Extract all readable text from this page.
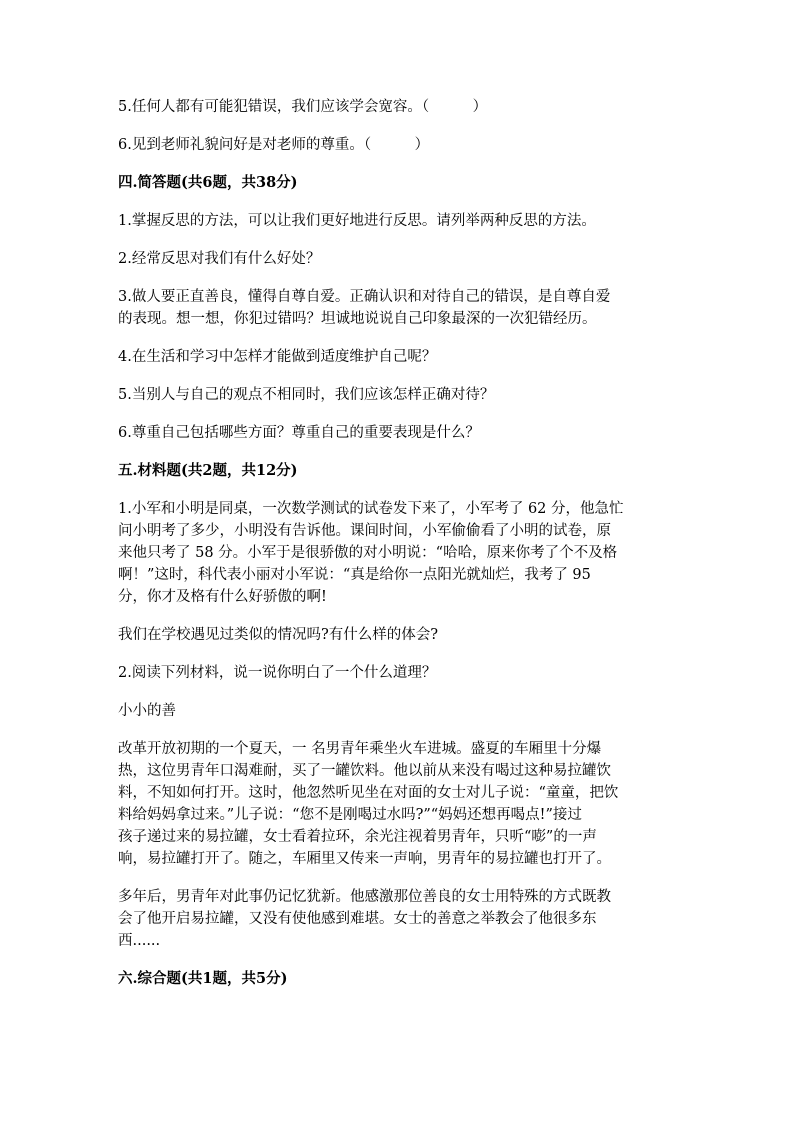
5.任何人都有可能犯错误，我们应该学会宽容。（　　　）

6.见到老师礼貌问好是对老师的尊重。（　　　）

四.简答题(共6题，共38分)

1.掌握反思的方法，可以让我们更好地进行反思。请列举两种反思的方法。

2.经常反思对我们有什么好处？

3.做人要正直善良，懂得自尊自爱。正确认识和对待自己的错误，是自尊自爱
的表现。想一想，你犯过错吗？坦诚地说说自己印象最深的一次犯错经历。

4.在生活和学习中怎样才能做到适度维护自己呢？

5.当别人与自己的观点不相同时，我们应该怎样正确对待？

6.尊重自己包括哪些方面？尊重自己的重要表现是什么？

五.材料题(共2题，共12分)

1.小军和小明是同桌，一次数学测试的试卷发下来了，小军考了 62 分，他急忙
问小明考了多少，小明没有告诉他。课间时间，小军偷偷看了小明的试卷，原
来他只考了 58 分。小军于是很骄傲的对小明说：“哈哈，原来你考了个不及格
啊！”这时，科代表小丽对小军说：“真是给你一点阳光就灿烂，我考了 95
分，你才及格有什么好骄傲的啊!

我们在学校遇见过类似的情况吗?有什么样的体会?

2.阅读下列材料，说一说你明白了一个什么道理？

小小的善

改革开放初期的一个夏天，一 名男青年乘坐火车进城。盛夏的车厢里十分爆
热，这位男青年口渴难耐，买了一罐饮料。他以前从来没有喝过这种易拉罐饮
料，不知如何打开。这时，他忽然听见坐在对面的女士对儿子说：“童童，把饮
料给妈妈拿过来。”儿子说：“您不是刚喝过水吗?”“妈妈还想再喝点!”接过
孩子递过来的易拉罐，女士看着拉环，余光注视着男青年，只听“嘭”的一声
响，易拉罐打开了。随之，车厢里又传来一声响，男青年的易拉罐也打开了。

多年后，男青年对此事仍记忆犹新。他感激那位善良的女士用特殊的方式既教
会了他开启易拉罐，又没有使他感到难堪。女士的善意之举教会了他很多东
西......

六.综合题(共1题，共5分)
